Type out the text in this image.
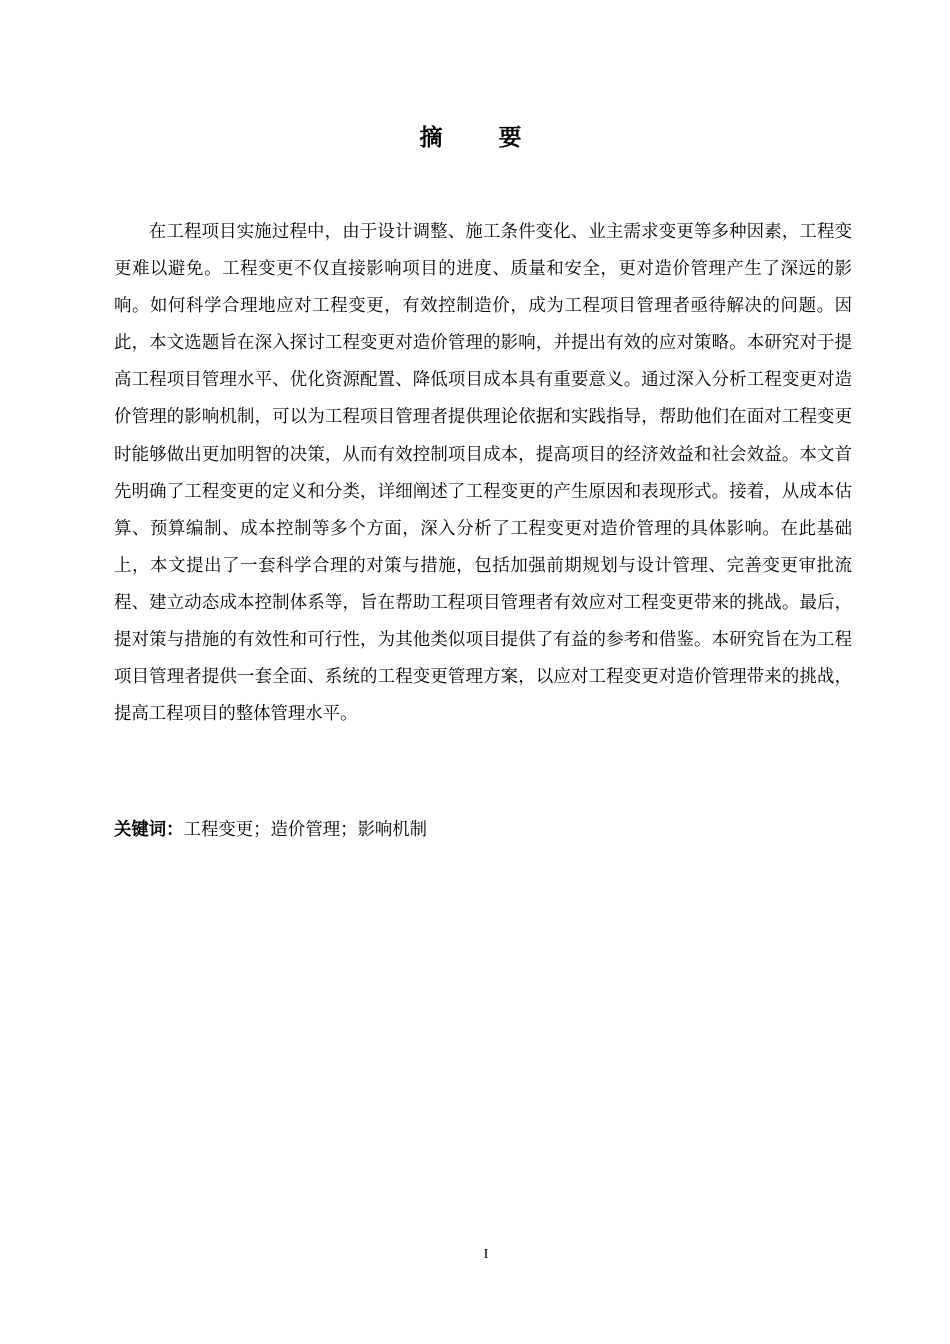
摘 要

在工程项目实施过程中，由于设计调整、施工条件变化、业主需求变更等多种因素，工程变更难以避免。工程变更不仅直接影响项目的进度、质量和安全，更对造价管理产生了深远的影响。如何科学合理地应对工程变更，有效控制造价，成为工程项目管理者亟待解决的问题。因此，本文选题旨在深入探讨工程变更对造价管理的影响，并提出有效的应对策略。本研究对于提高工程项目管理水平、优化资源配置、降低项目成本具有重要意义。通过深入分析工程变更对造价管理的影响机制，可以为工程项目管理者提供理论依据和实践指导，帮助他们在面对工程变更时能够做出更加明智的决策，从而有效控制项目成本，提高项目的经济效益和社会效益。本文首先明确了工程变更的定义和分类，详细阐述了工程变更的产生原因和表现形式。接着，从成本估算、预算编制、成本控制等多个方面，深入分析了工程变更对造价管理的具体影响。在此基础上，本文提出了一套科学合理的对策与措施，包括加强前期规划与设计管理、完善变更审批流程、建立动态成本控制体系等，旨在帮助工程项目管理者有效应对工程变更带来的挑战。最后，提对策与措施的有效性和可行性，为其他类似项目提供了有益的参考和借鉴。本研究旨在为工程项目管理者提供一套全面、系统的工程变更管理方案，以应对工程变更对造价管理带来的挑战，提高工程项目的整体管理水平。

关键词：工程变更；造价管理；影响机制
I
